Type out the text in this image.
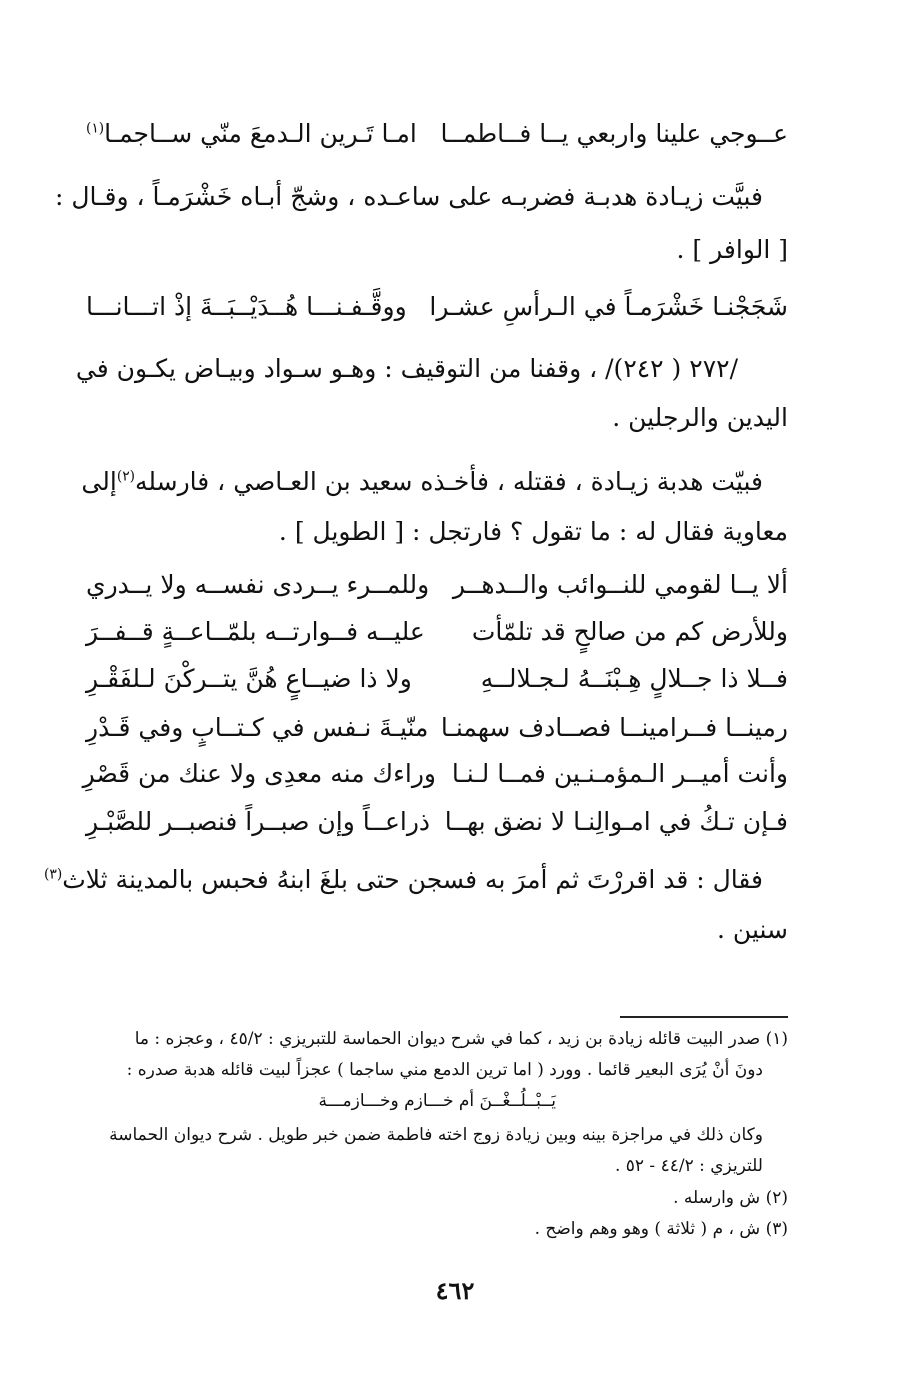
عــوجي علينا واربعي يــا فــاطمــا
امـا تَـرين الـدمعَ منّي ســاجمـا$^{(١)}$
فبيَّت زيـادة هدبـة فضربـه على ساعـده ، وشجّ أبـاه خَشْرَمـاً ، وقـال :
[ الوافر ] .
شَجَجْنـا خَشْرَمـاً في الـرأسِ عشـرا
ووقَّـفـنـــا هُــدَيْــبَــةَ إذْ اتـــانـــا
/٢٧٢ ( ٢٤٢)/ ، وقفنا من التوقيف : وهـو سـواد وبيـاض يكـون في
اليدين والرجلين .
فبيّت هدبة زيـادة ، فقتله ، فأخـذه سعيد بن العـاصي ، فارسله$^{(٢)}$
إلى
معاوية فقال له : ما تقول ؟ فارتجل : [ الطويل ] .
ألا يــا لقومي للنــوائب والــدهــر
وللمــرء يــردى نفســه ولا يــدري
وللأرض كم من صالحٍ قد تلمّأت
عليــه فــوارتــه بلمّــاعــةٍ قــفــرَ
فــلا ذا جــلالٍ هِـبْنَــهُ لـجـلالــهِ
ولا ذا ضيــاعٍ هُنَّ يتــركْنَ لـلفَقْـرِ
رمينــا فــرامينــا فصــادف سهمنـا
منّيـةَ نـفس في كـتــابٍ وفي قَـدْرِ
وأنت أميــر الـمؤمـنـين فمــا لـنـا
وراءك منه معدِى ولا عنك من قَصْرِ
فـإن تـكُ في امـوالِنـا لا نضق بهــا
ذراعــاً وإن صبــراً فنصبــر للصَّبْـرِ
فقال : قد اقررْتَ ثم أمرَ به فسجن حتى بلغَ ابنهُ فحبس بالمدينة ثلاث$^{(٣)}$
سنين .
(١) صدر البيت قائله زيادة بن زيد ، كما في شرح ديوان الحماسة للتبريزي : ٤٥/٢ ، وعجزه : ما
دونَ أنْ يُرَى البعير قائما . وورد ( اما ترين الدمع مني ساجما ) عجزاً لبيت قائله هدبة صدره :
يَــبْــلُــغْــنَ أم خـــازم وخـــازمـــة
وكان ذلك في مراجزة بينه وبين زيادة زوج اخته فاطمة ضمن خبر طويل . شرح ديوان الحماسة
للتريزي : ٤٤/٢ - ٥٢ .
(٢) ش وارسله .
(٣) ش ، م ( ثلاثة ) وهو وهم واضح .
٤٦٢
